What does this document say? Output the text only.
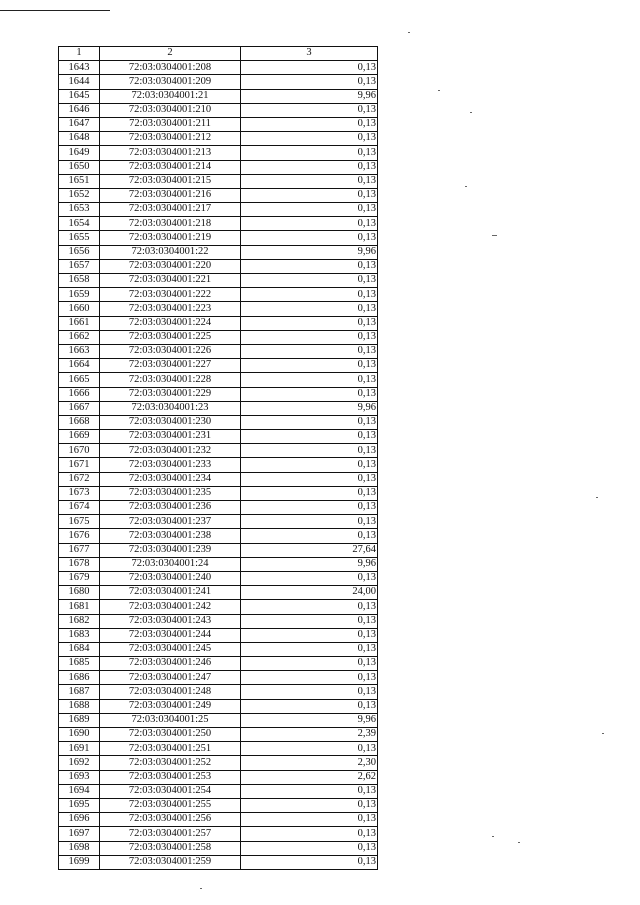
1	2	3
1643	72:03:0304001:208	0,13
1644	72:03:0304001:209	0,13
1645	72:03:0304001:21	9,96
1646	72:03:0304001:210	0,13
1647	72:03:0304001:211	0,13
1648	72:03:0304001:212	0,13
1649	72:03:0304001:213	0,13
1650	72:03:0304001:214	0,13
1651	72:03:0304001:215	0,13
1652	72:03:0304001:216	0,13
1653	72:03:0304001:217	0,13
1654	72:03:0304001:218	0,13
1655	72:03:0304001:219	0,13
1656	72:03:0304001:22	9,96
1657	72:03:0304001:220	0,13
1658	72:03:0304001:221	0,13
1659	72:03:0304001:222	0,13
1660	72:03:0304001:223	0,13
1661	72:03:0304001:224	0,13
1662	72:03:0304001:225	0,13
1663	72:03:0304001:226	0,13
1664	72:03:0304001:227	0,13
1665	72:03:0304001:228	0,13
1666	72:03:0304001:229	0,13
1667	72:03:0304001:23	9,96
1668	72:03:0304001:230	0,13
1669	72:03:0304001:231	0,13
1670	72:03:0304001:232	0,13
1671	72:03:0304001:233	0,13
1672	72:03:0304001:234	0,13
1673	72:03:0304001:235	0,13
1674	72:03:0304001:236	0,13
1675	72:03:0304001:237	0,13
1676	72:03:0304001:238	0,13
1677	72:03:0304001:239	27,64
1678	72:03:0304001:24	9,96
1679	72:03:0304001:240	0,13
1680	72:03:0304001:241	24,00
1681	72:03:0304001:242	0,13
1682	72:03:0304001:243	0,13
1683	72:03:0304001:244	0,13
1684	72:03:0304001:245	0,13
1685	72:03:0304001:246	0,13
1686	72:03:0304001:247	0,13
1687	72:03:0304001:248	0,13
1688	72:03:0304001:249	0,13
1689	72:03:0304001:25	9,96
1690	72:03:0304001:250	2,39
1691	72:03:0304001:251	0,13
1692	72:03:0304001:252	2,30
1693	72:03:0304001:253	2,62
1694	72:03:0304001:254	0,13
1695	72:03:0304001:255	0,13
1696	72:03:0304001:256	0,13
1697	72:03:0304001:257	0,13
1698	72:03:0304001:258	0,13
1699	72:03:0304001:259	0,13
